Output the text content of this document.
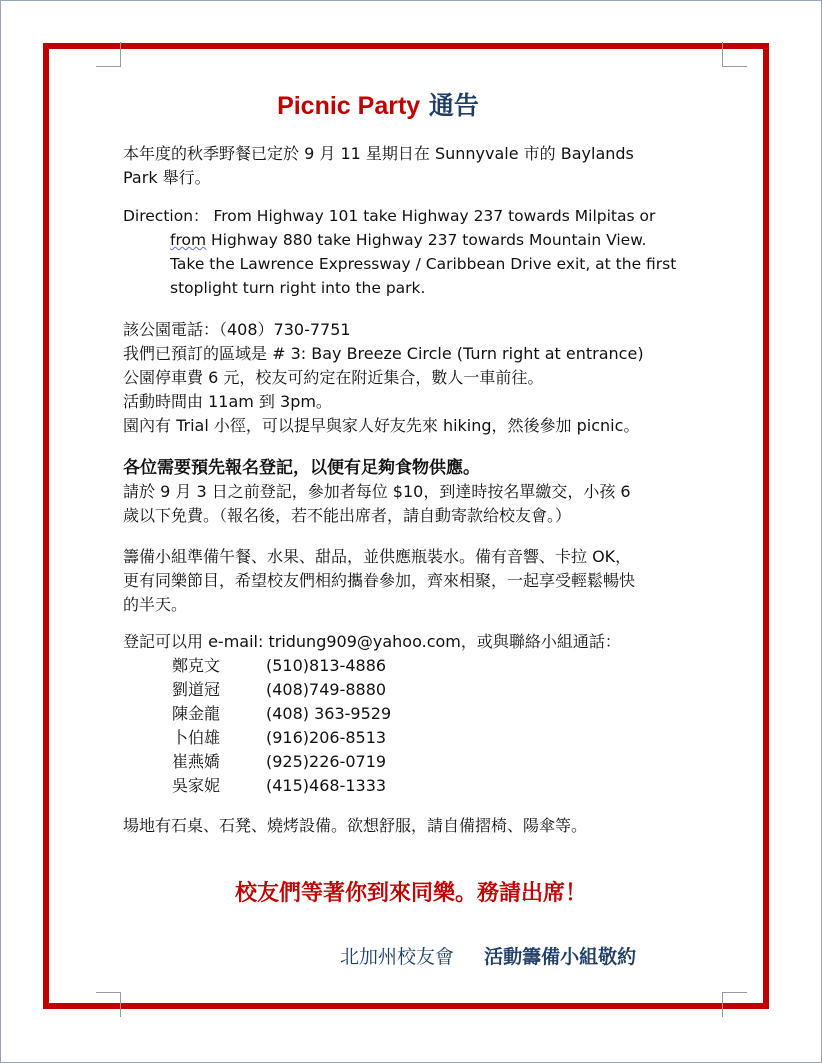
Picnic Party 通告
本年度的秋季野餐已定於 9 月 11 星期日在 Sunnyvale 市的 Baylands
Park 舉行。
Direction： From Highway 101 take Highway 237 towards Milpitas or
from Highway 880 take Highway 237 towards Mountain View.
Take the Lawrence Expressway / Caribbean Drive exit, at the first
stoplight turn right into the park.
該公園電話：（408）730-7751
我們已預訂的區域是 # 3: Bay Breeze Circle (Turn right at entrance)
公園停車費 6 元，校友可約定在附近集合，數人一車前往。
活動時間由 11am 到 3pm。
園內有 Trial 小徑，可以提早與家人好友先來 hiking，然後參加 picnic。
各位需要預先報名登記，以便有足夠食物供應。
請於 9 月 3 日之前登記，參加者每位 $10，到達時按名單繳交，小孩 6
歲以下免費。（報名後，若不能出席者，請自動寄款给校友會。）
籌備小組準備午餐、水果、甜品，並供應瓶裝水。備有音響、卡拉 OK，
更有同樂節目，希望校友們相約攜眷參加，齊來相聚，一起享受輕鬆暢快
的半天。
登記可以用 e-mail: tridung909@yahoo.com，或與聯絡小組通話：
鄭克文	(510)813-4886
劉道冠	(408)749-8880
陳金龍	(408) 363-9529
卜伯雄	(916)206-8513
崔燕嬌	(925)226-0719
吳家妮	(415)468-1333
場地有石桌、石凳、燒烤設備。欲想舒服，請自備摺椅、陽傘等。
校友們等著你到來同樂。務請出席！
北加州校友會 活動籌備小組敬約
